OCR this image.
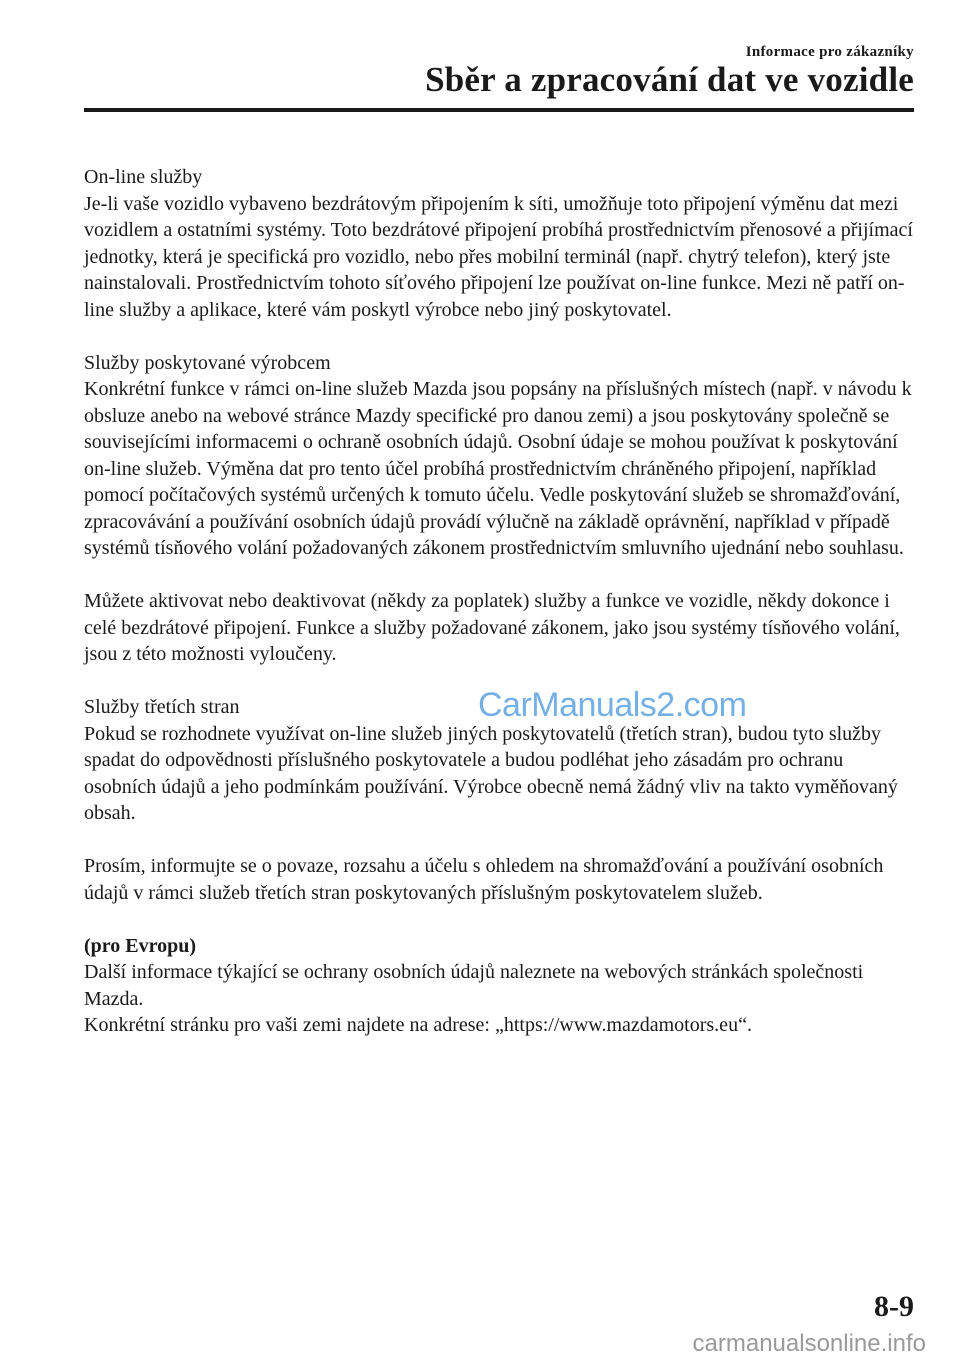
Informace pro zákazníky
Sběr a zpracování dat ve vozidle

On-line služby
Je-li vaše vozidlo vybaveno bezdrátovým připojením k síti, umožňuje toto připojení výměnu dat mezi vozidlem a ostatními systémy. Toto bezdrátové připojení probíhá prostřednictvím přenosové a přijímací jednotky, která je specifická pro vozidlo, nebo přes mobilní terminál (např. chytrý telefon), který jste nainstalovali. Prostřednictvím tohoto síťového připojení lze používat on-line funkce. Mezi ně patří on-line služby a aplikace, které vám poskytl výrobce nebo jiný poskytovatel.

Služby poskytované výrobcem
Konkrétní funkce v rámci on-line služeb Mazda jsou popsány na příslušných místech (např. v návodu k obsluze anebo na webové stránce Mazdy specifické pro danou zemi) a jsou poskytovány společně se souvisejícími informacemi o ochraně osobních údajů. Osobní údaje se mohou používat k poskytování on-line služeb. Výměna dat pro tento účel probíhá prostřednictvím chráněného připojení, například pomocí počítačových systémů určených k tomuto účelu. Vedle poskytování služeb se shromažďování, zpracovávání a používání osobních údajů provádí výlučně na základě oprávnění, například v případě systémů tísňového volání požadovaných zákonem prostřednictvím smluvního ujednání nebo souhlasu.

Můžete aktivovat nebo deaktivovat (někdy za poplatek) služby a funkce ve vozidle, někdy dokonce i celé bezdrátové připojení. Funkce a služby požadované zákonem, jako jsou systémy tísňového volání, jsou z této možnosti vyloučeny.

Služby třetích stran
Pokud se rozhodnete využívat on-line služeb jiných poskytovatelů (třetích stran), budou tyto služby spadat do odpovědnosti příslušného poskytovatele a budou podléhat jeho zásadám pro ochranu osobních údajů a jeho podmínkám používání. Výrobce obecně nemá žádný vliv na takto vyměňovaný obsah.

Prosím, informujte se o povaze, rozsahu a účelu s ohledem na shromažďování a používání osobních údajů v rámci služeb třetích stran poskytovaných příslušným poskytovatelem služeb.

(pro Evropu)
Další informace týkající se ochrany osobních údajů naleznete na webových stránkách společnosti Mazda.
Konkrétní stránku pro vaši zemi najdete na adrese: „https://www.mazdamotors.eu“.

CarManuals2.com
8-9
carmanualsonline.info
